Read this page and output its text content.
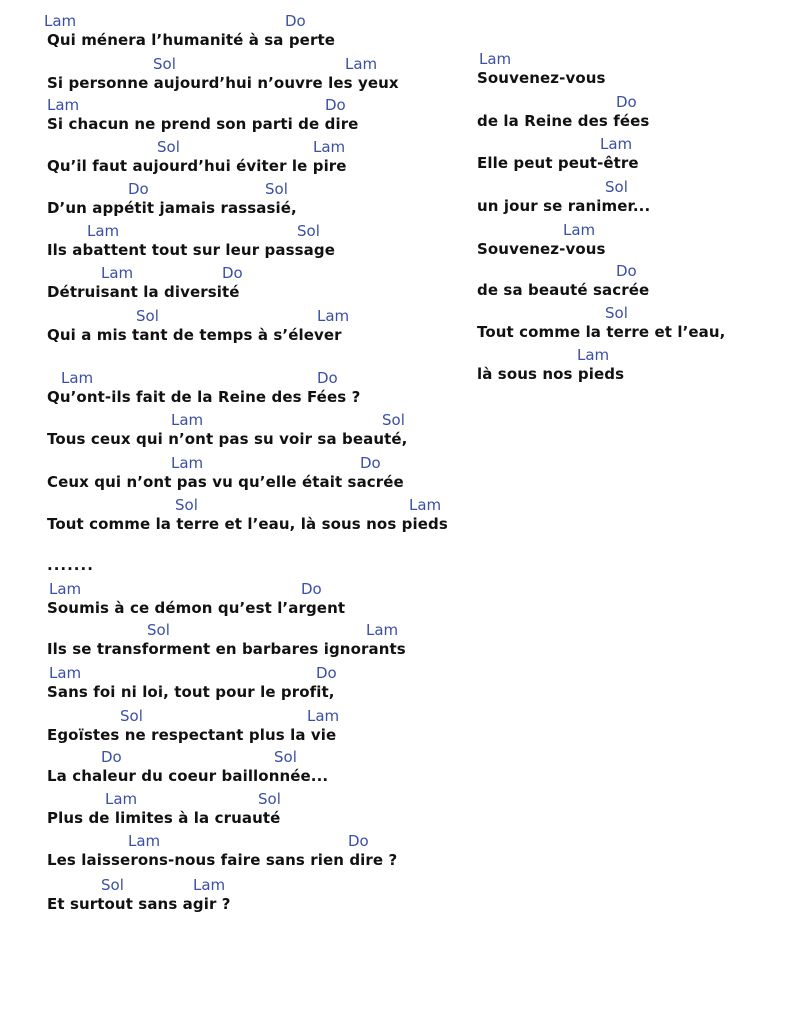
Lam	Do
Qui ménera l’humanité à sa perte
Sol	Lam
Si personne aujourd’hui n’ouvre les yeux
Lam	Do
Si chacun ne prend son parti de dire
Sol	Lam
Qu’il faut aujourd’hui éviter le pire
Do	Sol
D’un appétit jamais rassasié,
Lam	Sol
Ils abattent tout sur leur passage
Lam	Do
Détruisant la diversité
Sol	Lam
Qui a mis tant de temps à s’élever
Lam	Do
Qu’ont-ils fait de la Reine des Fées ?
Lam	Sol
Tous ceux qui n’ont pas su voir sa beauté,
Lam	Do
Ceux qui n’ont pas vu qu’elle était sacrée
Sol	Lam
Tout comme la terre et l’eau, là sous nos pieds
.......
Lam	Do
Soumis à ce démon qu’est l’argent
Sol	Lam
Ils se transforment en barbares ignorants
Lam	Do
Sans foi ni loi, tout pour le profit,
Sol	Lam
Egoïstes ne respectant plus la vie
Do	Sol
La chaleur du coeur baillonnée...
Lam	Sol
Plus de limites à la cruauté
Lam	Do
Les laisserons-nous faire sans rien dire ?
Sol	Lam
Et surtout sans agir ?
Lam
Souvenez-vous
Do
de la Reine des fées
Lam
Elle peut peut-être
Sol
un jour se ranimer...
Lam
Souvenez-vous
Do
de sa beauté sacrée
Sol
Tout comme la terre et l’eau,
Lam
là sous nos pieds
